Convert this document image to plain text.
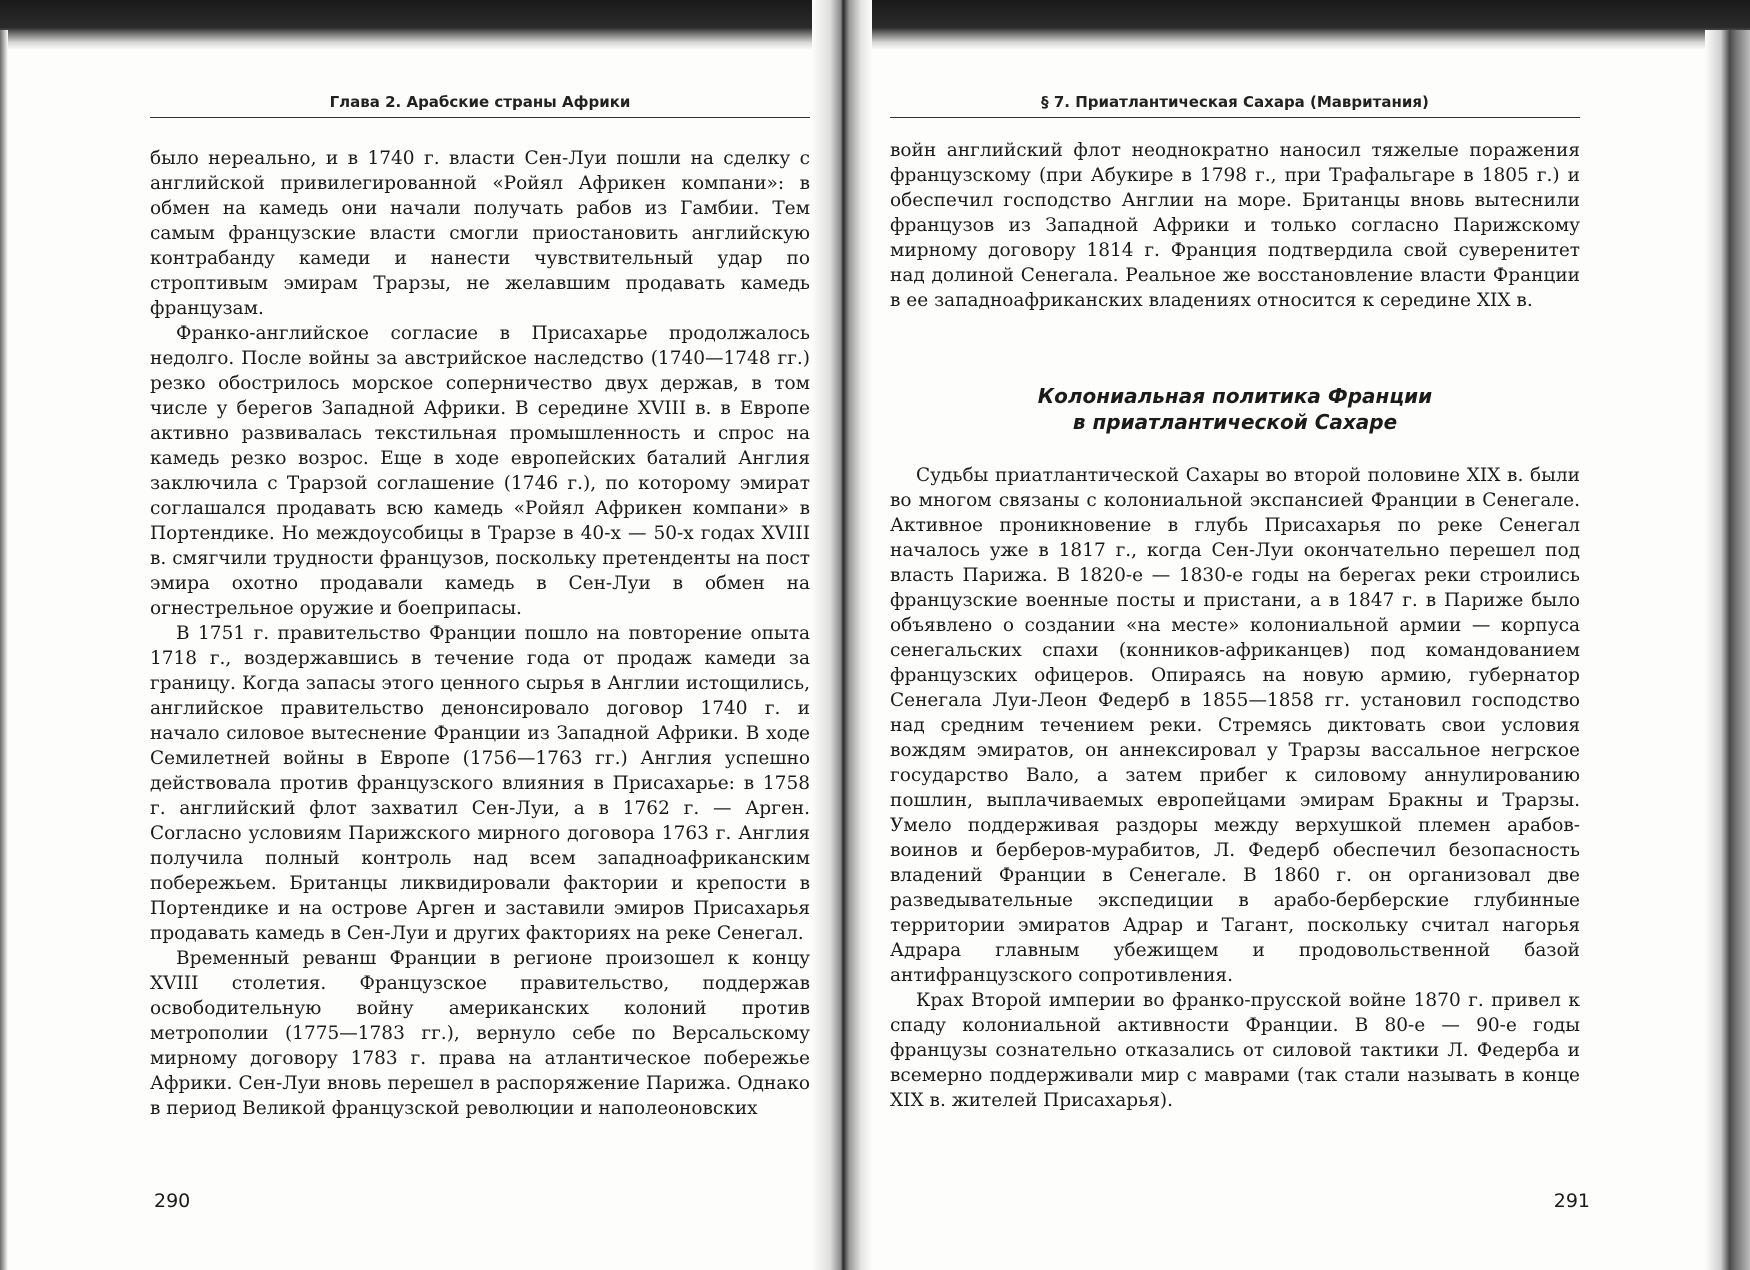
Глава 2. Арабские страны Африки

было нереально, и в 1740 г. власти Сен-Луи пошли на сделку с английской привилегированной «Ройял Африкен компани»: в обмен на камедь они начали получать рабов из Гамбии. Тем самым французские власти смогли приостановить английскую контрабанду камеди и нанести чувствительный удар по строптивым эмирам Трарзы, не желавшим продавать камедь французам.

Франко-английское согласие в Присахарье продолжалось недолго. После войны за австрийское наследство (1740—1748 гг.) резко обострилось морское соперничество двух держав, в том числе у берегов Западной Африки. В середине XVIII в. в Европе активно развивалась текстильная промышленность и спрос на камедь резко возрос. Еще в ходе европейских баталий Англия заключила с Трарзой соглашение (1746 г.), по которому эмират соглашался продавать всю камедь «Ройял Африкен компани» в Портендике. Но междоусобицы в Трарзе в 40-х — 50-х годах XVIII в. смягчили трудности французов, поскольку претенденты на пост эмира охотно продавали камедь в Сен-Луи в обмен на огнестрельное оружие и боеприпасы.

В 1751 г. правительство Франции пошло на повторение опыта 1718 г., воздержавшись в течение года от продаж камеди за границу. Когда запасы этого ценного сырья в Англии истощились, английское правительство денонсировало договор 1740 г. и начало силовое вытеснение Франции из Западной Африки. В ходе Семилетней войны в Европе (1756—1763 гг.) Англия успешно действовала против французского влияния в Присахарье: в 1758 г. английский флот захватил Сен-Луи, а в 1762 г. — Арген. Согласно условиям Парижского мирного договора 1763 г. Англия получила полный контроль над всем западноафриканским побережьем. Британцы ликвидировали фактории и крепости в Портендике и на острове Арген и заставили эмиров Присахарья продавать камедь в Сен-Луи и других факториях на реке Сенегал.

Временный реванш Франции в регионе произошел к концу XVIII столетия. Французское правительство, поддержав освободительную войну американских колоний против метрополии (1775—1783 гг.), вернуло себе по Версальскому мирному договору 1783 г. права на атлантическое побережье Африки. Сен-Луи вновь перешел в распоряжение Парижа. Однако в период Великой французской революции и наполеоновских

290
§ 7. Приатлантическая Сахара (Мавритания)

войн английский флот неоднократно наносил тяжелые поражения французскому (при Абукире в 1798 г., при Трафальгаре в 1805 г.) и обеспечил господство Англии на море. Британцы вновь вытеснили французов из Западной Африки и только согласно Парижскому мирному договору 1814 г. Франция подтвердила свой суверенитет над долиной Сенегала. Реальное же восстановление власти Франции в ее западноафриканских владениях относится к середине XIX в.

Колониальная политика Франции
в приатлантической Сахаре

Судьбы приатлантической Сахары во второй половине XIX в. были во многом связаны с колониальной экспансией Франции в Сенегале. Активное проникновение в глубь Присахарья по реке Сенегал началось уже в 1817 г., когда Сен-Луи окончательно перешел под власть Парижа. В 1820-е — 1830-е годы на берегах реки строились французские военные посты и пристани, а в 1847 г. в Париже было объявлено о создании «на месте» колониальной армии — корпуса сенегальских спахи (конников-африканцев) под командованием французских офицеров. Опираясь на новую армию, губернатор Сенегала Луи-Леон Федерб в 1855—1858 гг. установил господство над средним течением реки. Стремясь диктовать свои условия вождям эмиратов, он аннексировал у Трарзы вассальное негрское государство Вало, а затем прибег к силовому аннулированию пошлин, выплачиваемых европейцами эмирам Бракны и Трарзы. Умело поддерживая раздоры между верхушкой племен арабов-воинов и берберов-мурабитов, Л. Федерб обеспечил безопасность владений Франции в Сенегале. В 1860 г. он организовал две разведывательные экспедиции в арабо-берберские глубинные территории эмиратов Адрар и Тагант, поскольку считал нагорья Адрара главным убежищем и продовольственной базой антифранцузского сопротивления.

Крах Второй империи во франко-прусской войне 1870 г. привел к спаду колониальной активности Франции. В 80-е — 90-е годы французы сознательно отказались от силовой тактики Л. Федерба и всемерно поддерживали мир с маврами (так стали называть в конце XIX в. жителей Присахарья).

291
